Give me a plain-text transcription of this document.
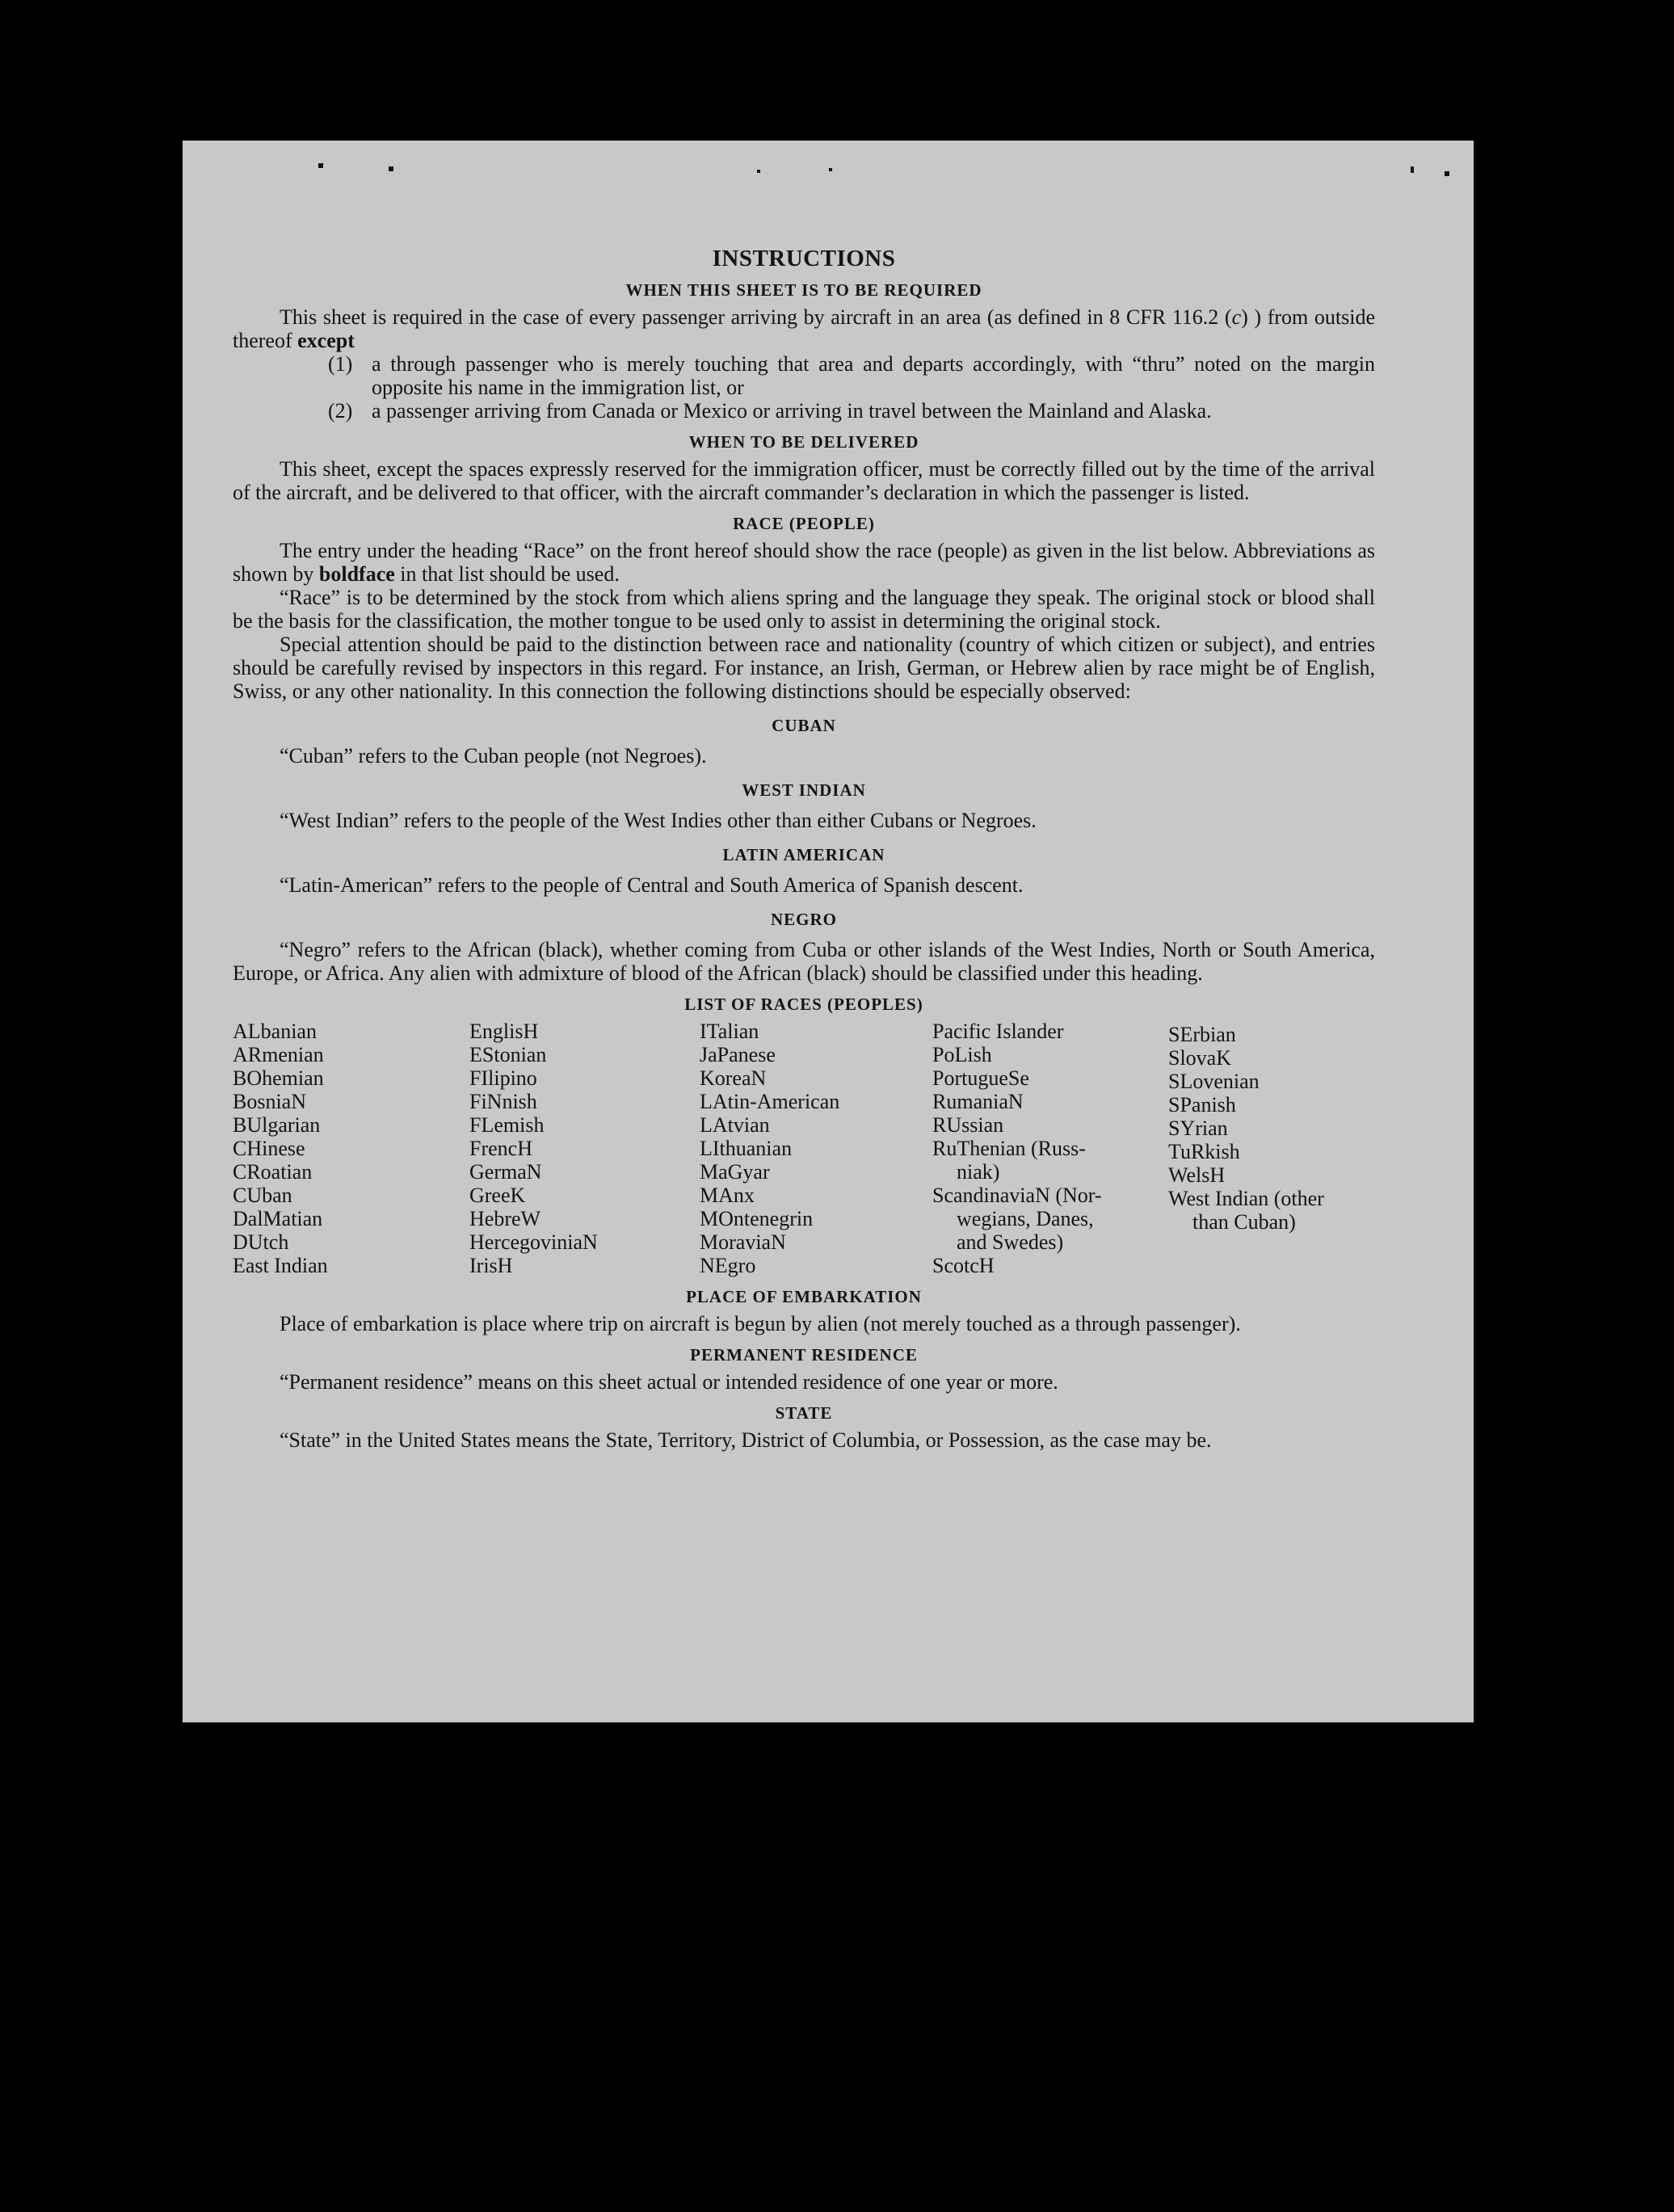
INSTRUCTIONS
WHEN THIS SHEET IS TO BE REQUIRED

This sheet is required in the case of every passenger arriving by aircraft in an area (as defined in 8 CFR 116.2 (c) ) from outside thereof except

(1) a through passenger who is merely touching that area and departs accordingly, with “thru” noted on the margin opposite his name in the immigration list, or
(2) a passenger arriving from Canada or Mexico or arriving in travel between the Mainland and Alaska.
WHEN TO BE DELIVERED

This sheet, except the spaces expressly reserved for the immigration officer, must be correctly filled out by the time of the arrival of the aircraft, and be delivered to that officer, with the aircraft commander’s declaration in which the passenger is listed.

RACE (PEOPLE)

The entry under the heading “Race” on the front hereof should show the race (people) as given in the list below. Abbreviations as shown by boldface in that list should be used.

“Race” is to be determined by the stock from which aliens spring and the language they speak. The original stock or blood shall be the basis for the classification, the mother tongue to be used only to assist in determining the original stock.

Special attention should be paid to the distinction between race and nationality (country of which citizen or subject), and entries should be carefully revised by inspectors in this regard. For instance, an Irish, German, or Hebrew alien by race might be of English, Swiss, or any other nationality. In this connection the following distinctions should be especially observed:

CUBAN

“Cuban” refers to the Cuban people (not Negroes).

WEST INDIAN

“West Indian” refers to the people of the West Indies other than either Cubans or Negroes.

LATIN AMERICAN

“Latin-American” refers to the people of Central and South America of Spanish descent.

NEGRO

“Negro” refers to the African (black), whether coming from Cuba or other islands of the West Indies, North or South America, Europe, or Africa. Any alien with admixture of blood of the African (black) should be classified under this heading.

LIST OF RACES (PEOPLES)
ALbanian
ARmenian
BOhemian
BosniaN
BUlgarian
CHinese
CRoatian
CUban
DalMatian
DUtch
East Indian
EnglisH
EStonian
FIlipino
FiNnish
FLemish
FrencH
GermaN
GreeK
HebreW
HercegoviniaN
IrisH
ITalian
JaPanese
KoreaN
LAtin-American
LAtvian
LIthuanian
MaGyar
MAnx
MOntenegrin
MoraviaN
NEgro
Pacific Islander
PoLish
PortugueSe
RumaniaN
RUssian
RuThenian (Russ-
niak)
ScandinaviaN (Nor-
wegians, Danes,
and Swedes)
ScotcH
SErbian
SlovaK
SLovenian
SPanish
SYrian
TuRkish
WelsH
West Indian (other
than Cuban)
PLACE OF EMBARKATION

Place of embarkation is place where trip on aircraft is begun by alien (not merely touched as a through passenger).

PERMANENT RESIDENCE

“Permanent residence” means on this sheet actual or intended residence of one year or more.

STATE

“State” in the United States means the State, Territory, District of Columbia, or Possession, as the case may be.
